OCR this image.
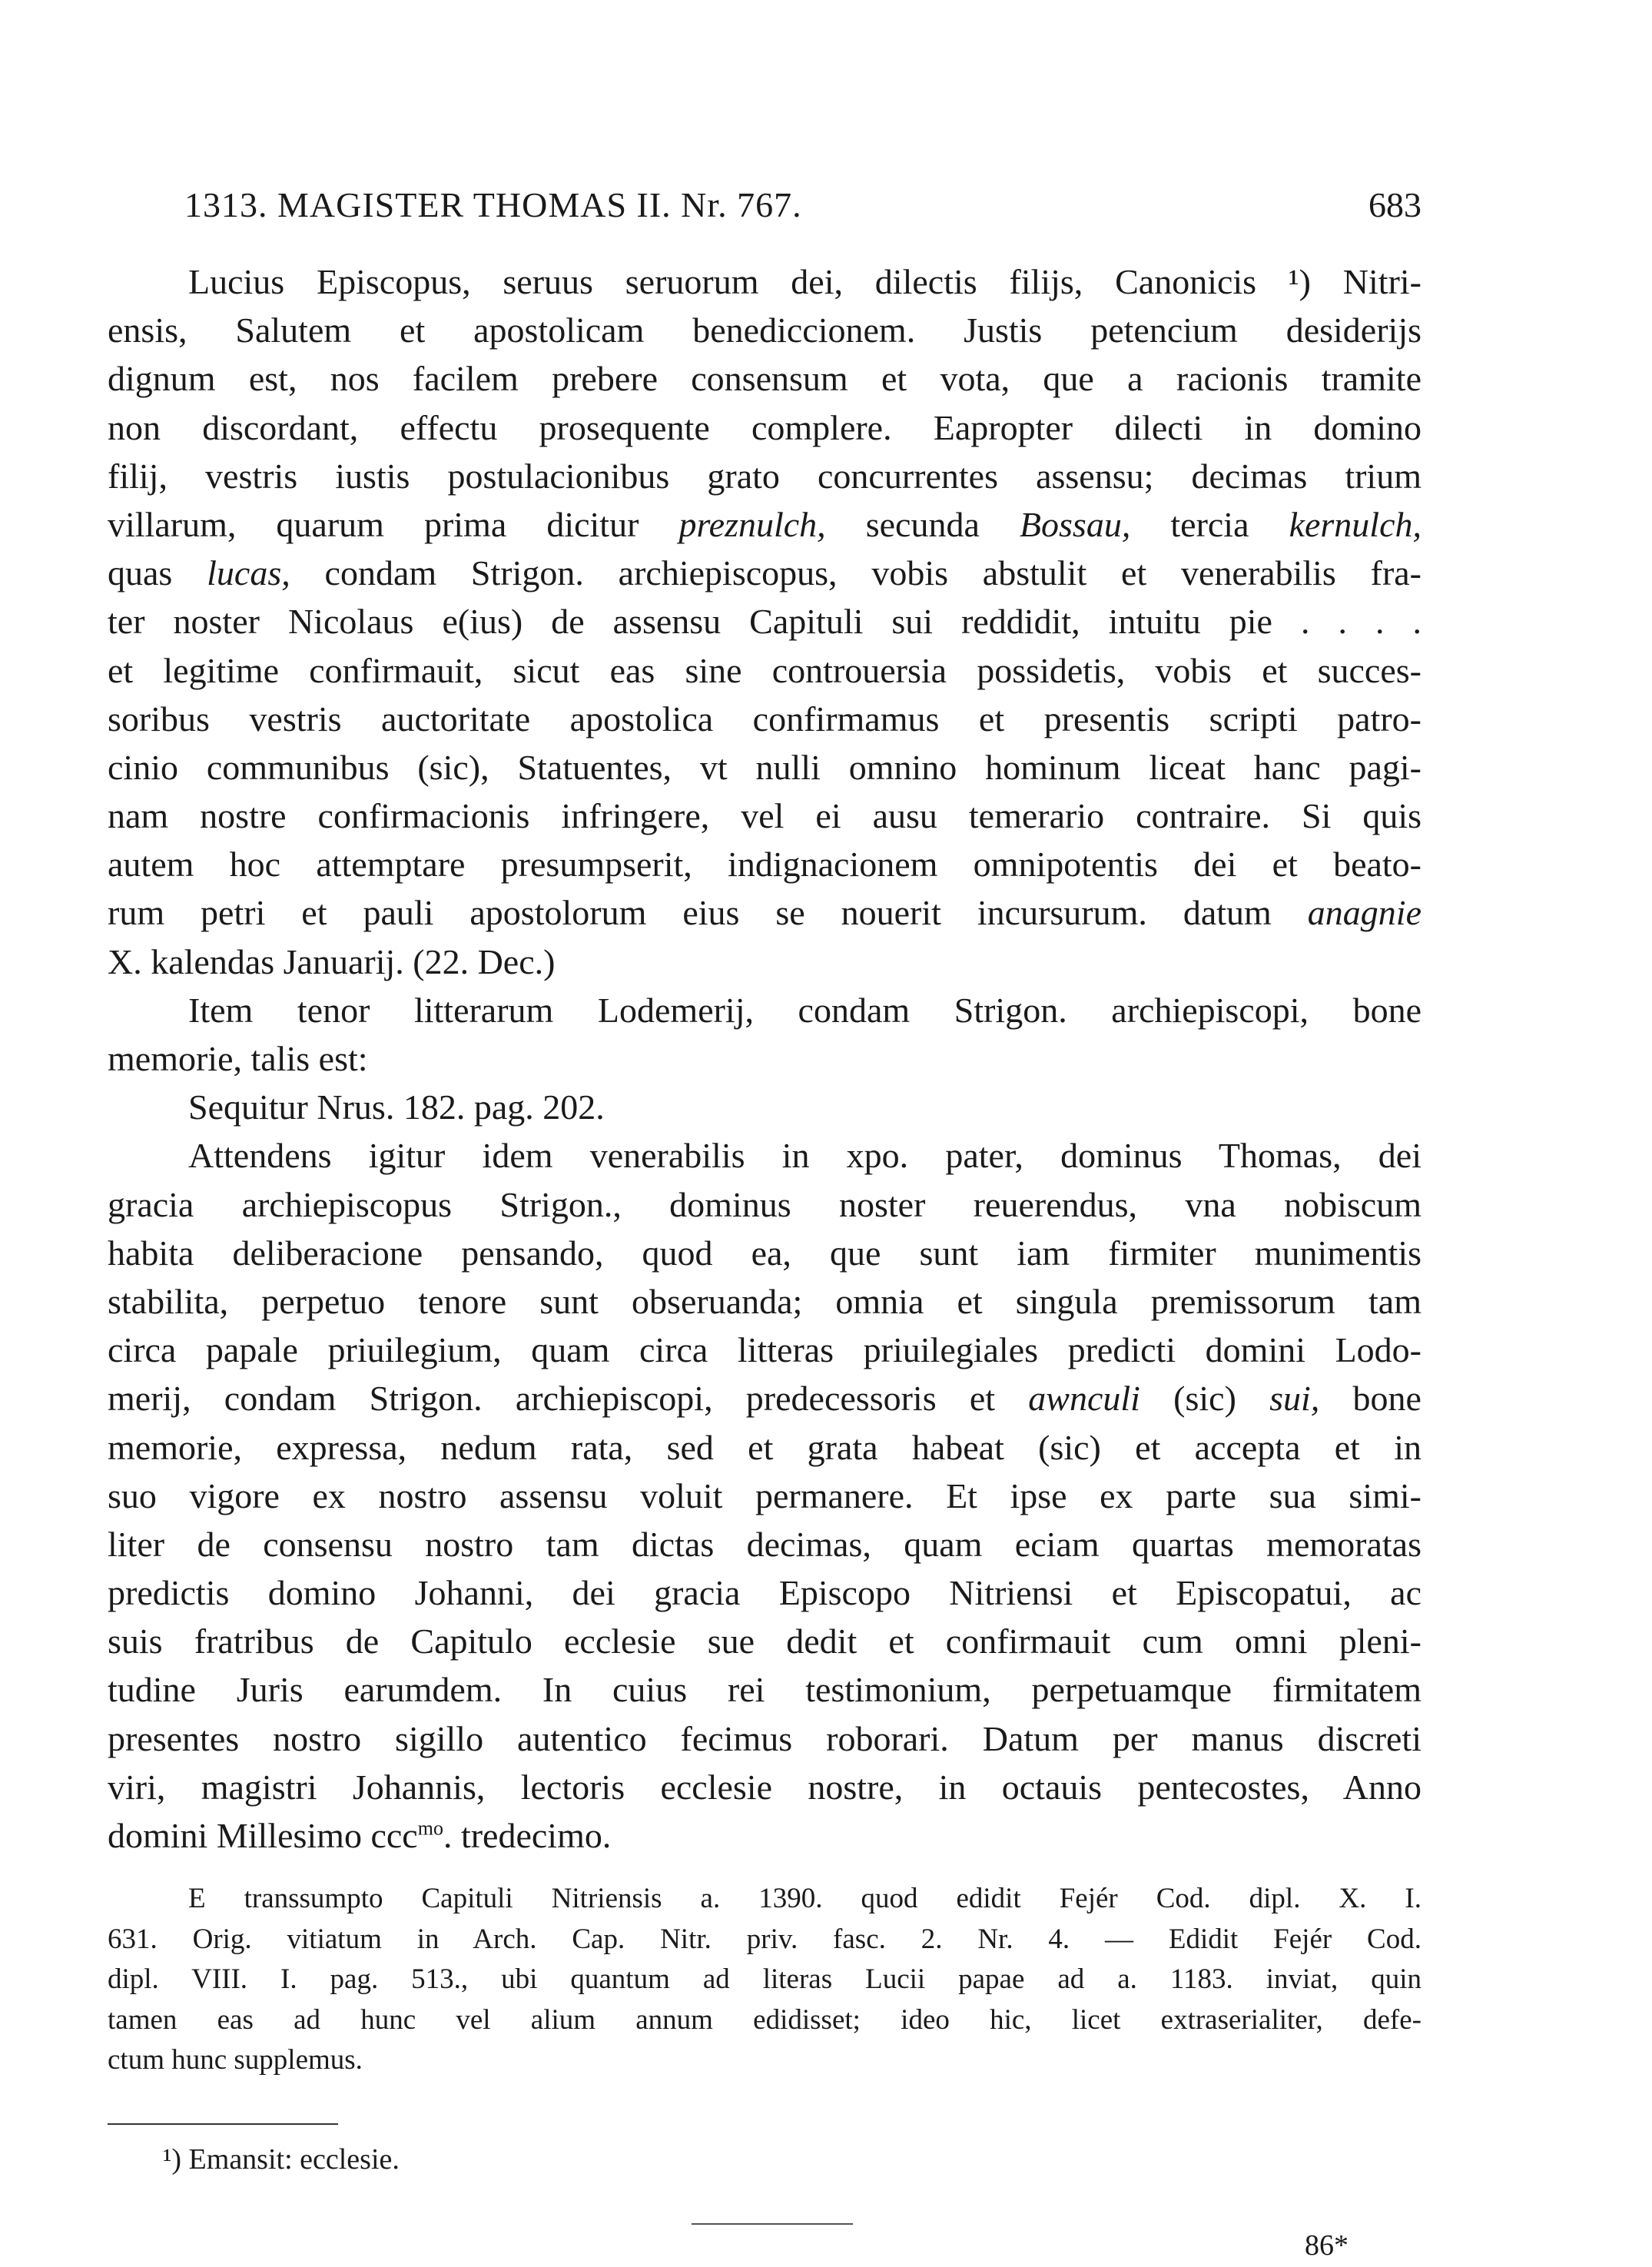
1313. MAGISTER THOMAS II. Nr. 767.	683
Lucius Episcopus, seruus seruorum dei, dilectis filijs, Canonicis ¹) Nitri-
ensis, Salutem et apostolicam benediccionem. Justis petencium desiderijs
dignum est, nos facilem prebere consensum et vota, que a racionis tramite
non discordant, effectu prosequente complere. Eapropter dilecti in domino
filij, vestris iustis postulacionibus grato concurrentes assensu; decimas trium
villarum, quarum prima dicitur preznulch, secunda Bossau, tercia kernulch,
quas lucas, condam Strigon. archiepiscopus, vobis abstulit et venerabilis fra-
ter noster Nicolaus e(ius) de assensu Capituli sui reddidit, intuitu pie . . . .
et legitime confirmauit, sicut eas sine controuersia possidetis, vobis et succes-
soribus vestris auctoritate apostolica confirmamus et presentis scripti patro-
cinio communibus (sic), Statuentes, vt nulli omnino hominum liceat hanc pagi-
nam nostre confirmacionis infringere, vel ei ausu temerario contraire. Si quis
autem hoc attemptare presumpserit, indignacionem omnipotentis dei et beato-
rum petri et pauli apostolorum eius se nouerit incursurum. datum anagnie
X. kalendas Januarij. (22. Dec.)
Item tenor litterarum Lodemerij, condam Strigon. archiepiscopi, bone
memorie, talis est:
Sequitur Nrus. 182. pag. 202.
Attendens igitur idem venerabilis in xpo. pater, dominus Thomas, dei
gracia archiepiscopus Strigon., dominus noster reuerendus, vna nobiscum
habita deliberacione pensando, quod ea, que sunt iam firmiter munimentis
stabilita, perpetuo tenore sunt obseruanda; omnia et singula premissorum tam
circa papale priuilegium, quam circa litteras priuilegiales predicti domini Lodo-
merij, condam Strigon. archiepiscopi, predecessoris et awnculi (sic) sui, bone
memorie, expressa, nedum rata, sed et grata habeat (sic) et accepta et in
suo vigore ex nostro assensu voluit permanere. Et ipse ex parte sua simi-
liter de consensu nostro tam dictas decimas, quam eciam quartas memoratas
predictis domino Johanni, dei gracia Episcopo Nitriensi et Episcopatui, ac
suis fratribus de Capitulo ecclesie sue dedit et confirmauit cum omni pleni-
tudine Juris earumdem. In cuius rei testimonium, perpetuamque firmitatem
presentes nostro sigillo autentico fecimus roborari. Datum per manus discreti
viri, magistri Johannis, lectoris ecclesie nostre, in octauis pentecostes, Anno
domini Millesimo ccc$^{mo}$. tredecimo.
E transsumpto Capituli Nitriensis a. 1390. quod edidit Fejér Cod. dipl. X. I.
631. Orig. vitiatum in Arch. Cap. Nitr. priv. fasc. 2. Nr. 4. — Edidit Fejér Cod.
dipl. VIII. I. pag. 513., ubi quantum ad literas Lucii papae ad a. 1183. inviat, quin
tamen eas ad hunc vel alium annum edidisset; ideo hic, licet extraserialiter, defe-
ctum hunc supplemus.
¹) Emansit: ecclesie.
86*
